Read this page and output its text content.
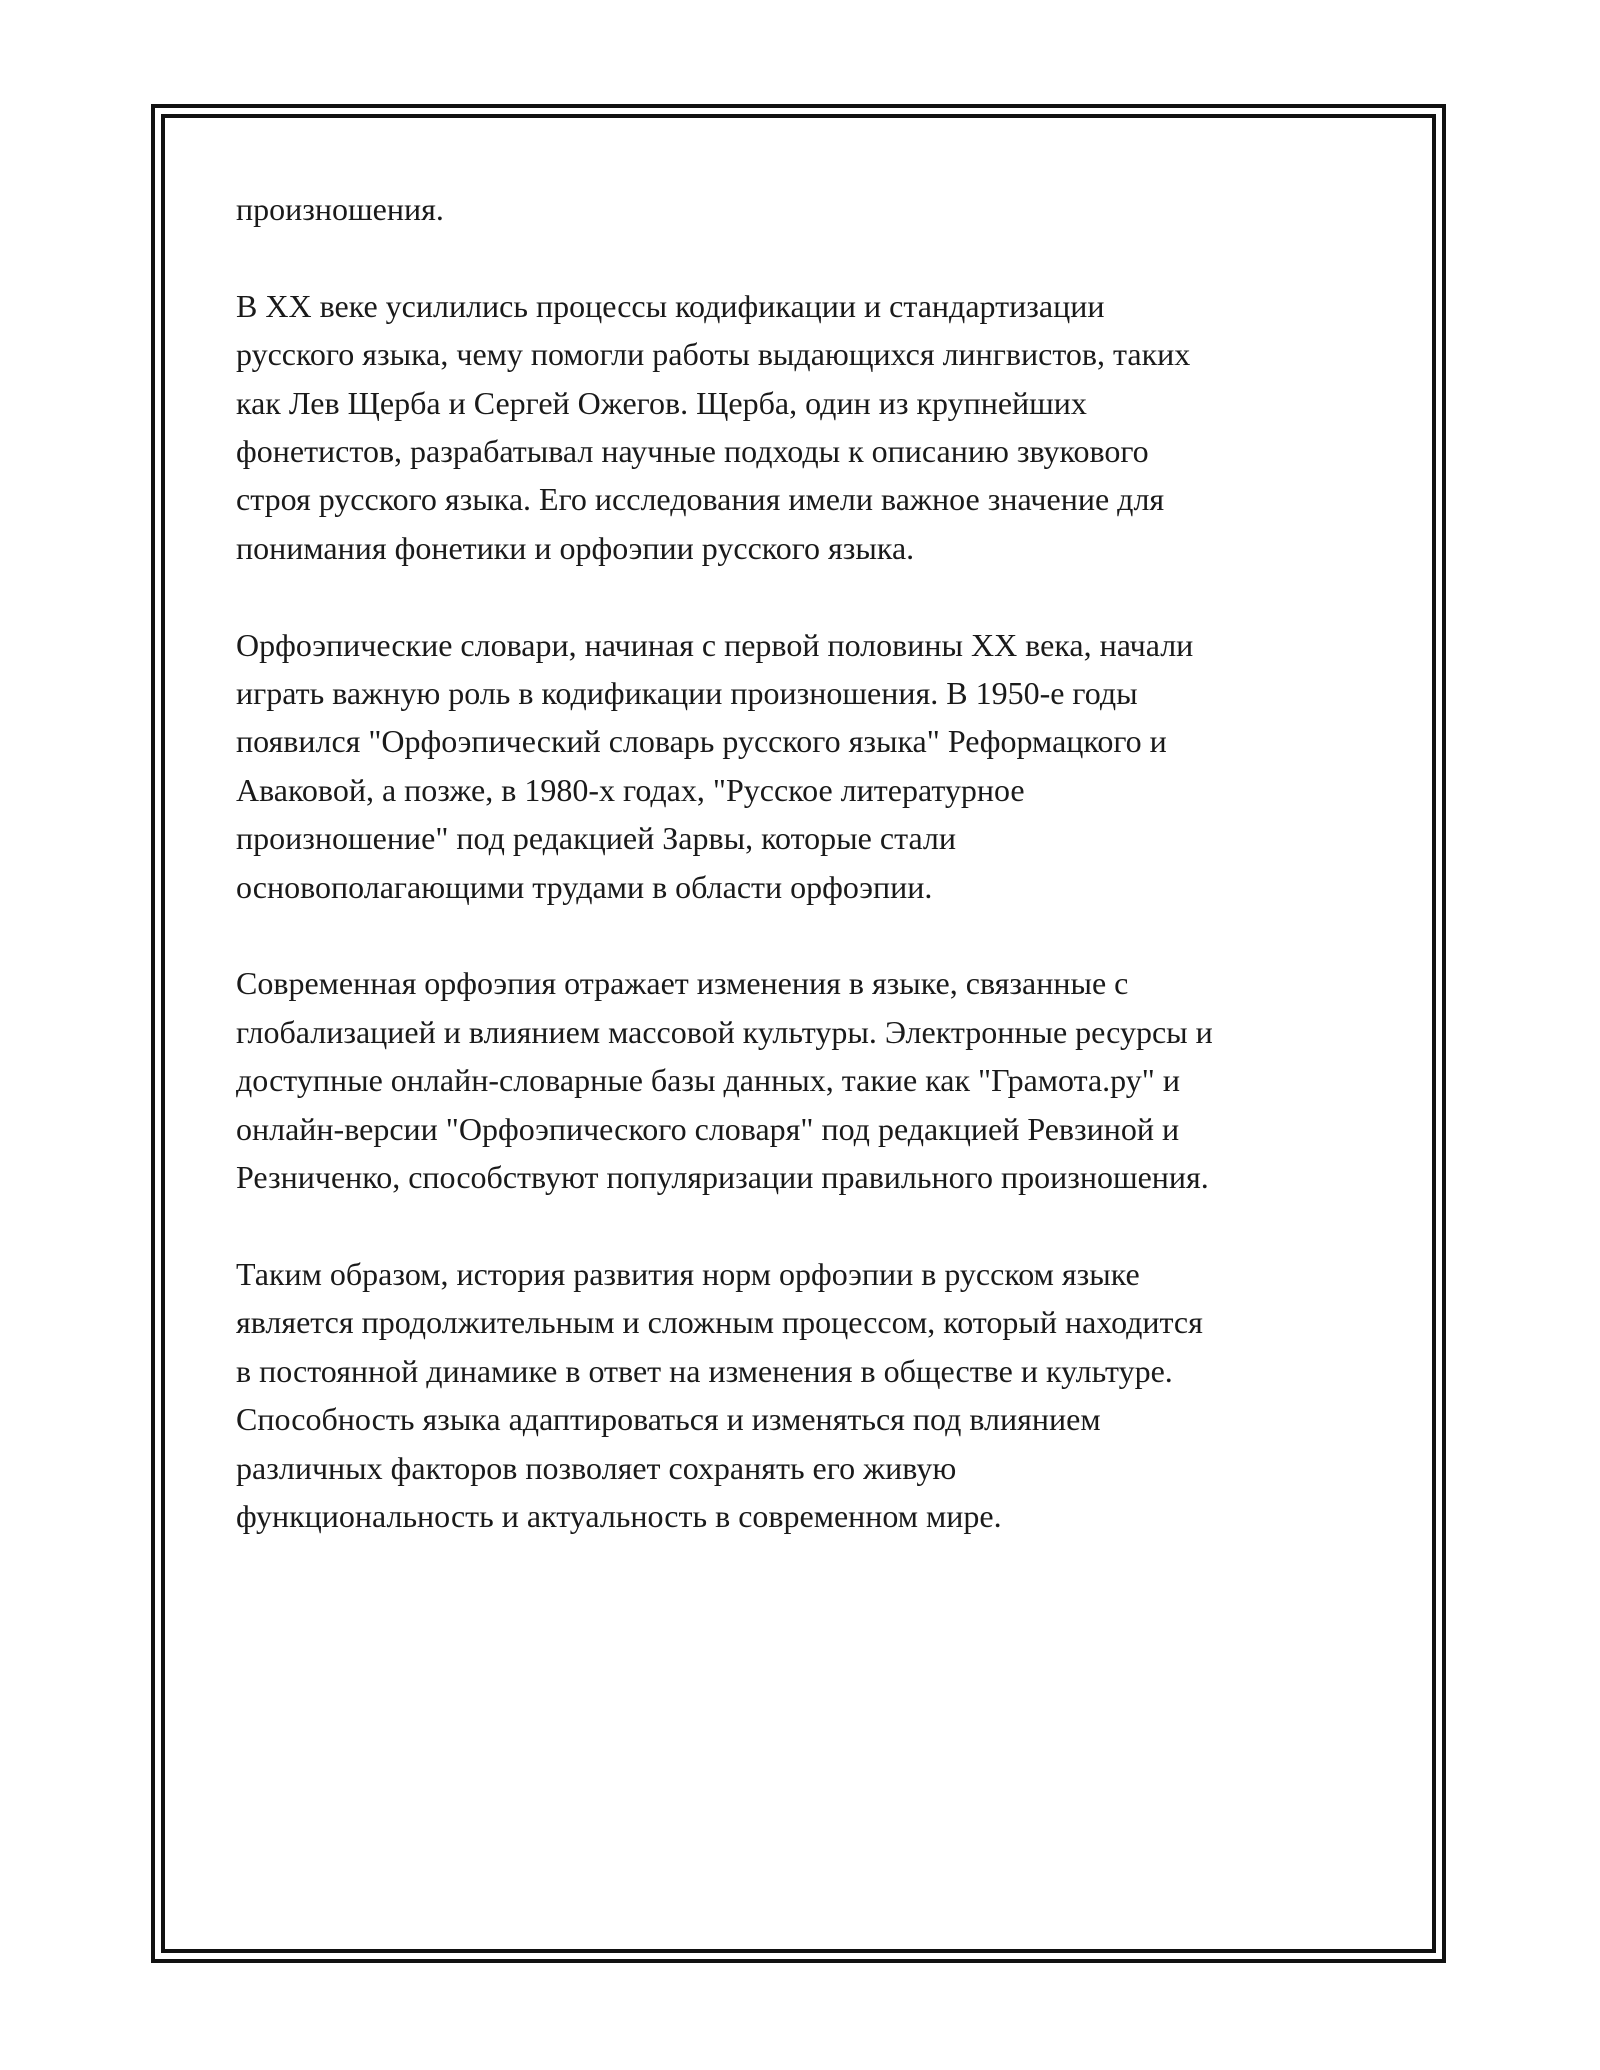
произношения.
В XX веке усилились процессы кодификации и стандартизации
русского языка, чему помогли работы выдающихся лингвистов, таких
как Лев Щерба и Сергей Ожегов. Щерба, один из крупнейших
фонетистов, разрабатывал научные подходы к описанию звукового
строя русского языка. Его исследования имели важное значение для
понимания фонетики и орфоэпии русского языка.
Орфоэпические словари, начиная с первой половины XX века, начали
играть важную роль в кодификации произношения. В 1950-е годы
появился "Орфоэпический словарь русского языка" Реформацкого и
Аваковой, а позже, в 1980-х годах, "Русское литературное
произношение" под редакцией Зарвы, которые стали
основополагающими трудами в области орфоэпии.
Современная орфоэпия отражает изменения в языке, связанные с
глобализацией и влиянием массовой культуры. Электронные ресурсы и
доступные онлайн-словарные базы данных, такие как "Грамота.ру" и
онлайн-версии "Орфоэпического словаря" под редакцией Ревзиной и
Резниченко, способствуют популяризации правильного произношения.
Таким образом, история развития норм орфоэпии в русском языке
является продолжительным и сложным процессом, который находится
в постоянной динамике в ответ на изменения в обществе и культуре.
Способность языка адаптироваться и изменяться под влиянием
различных факторов позволяет сохранять его живую
функциональность и актуальность в современном мире.
